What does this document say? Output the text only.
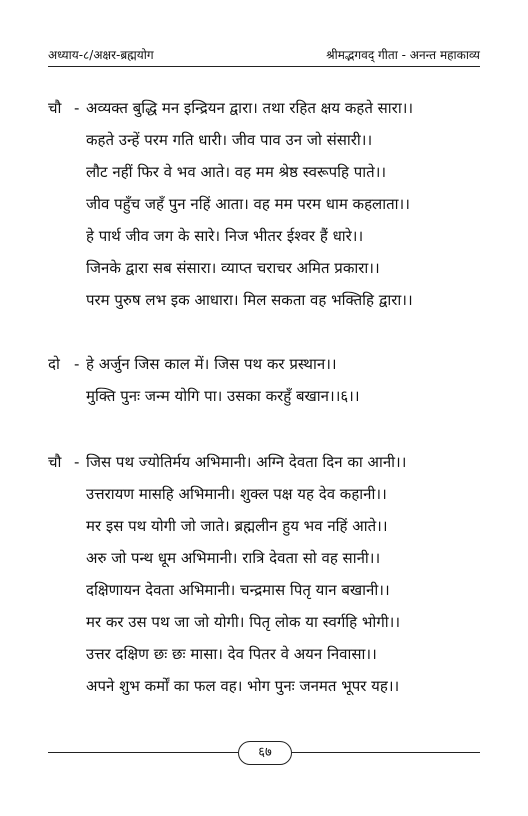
अध्याय-८/अक्षर-ब्रह्मयोग	श्रीमद्भगवद् गीता - अनन्त महाकाव्य
चौ - अव्यक्त बुद्धि मन इन्द्रियन द्वारा। तथा रहित क्षय कहते सारा।।
कहते उन्हें परम गति धारी। जीव पाव उन जो संसारी।।
लौट नहीं फिर वे भव आते। वह मम श्रेष्ठ स्वरूपहि पाते।।
जीव पहुँच जहँ पुन नहिं आता। वह मम परम धाम कहलाता।।
हे पार्थ जीव जग के सारे। निज भीतर ईश्वर हैं धारे।।
जिनके द्वारा सब संसारा। व्याप्त चराचर अमित प्रकारा।।
परम पुरुष लभ इक आधारा। मिल सकता वह भक्तिहि द्वारा।।
दो - हे अर्जुन जिस काल में। जिस पथ कर प्रस्थान।।
मुक्ति पुनः जन्म योगि पा। उसका करहुँ बखान।।६।।
चौ - जिस पथ ज्योतिर्मय अभिमानी। अग्नि देवता दिन का आनी।।
उत्तरायण मासहि अभिमानी। शुक्ल पक्ष यह देव कहानी।।
मर इस पथ योगी जो जाते। ब्रह्मलीन हुय भव नहिं आते।।
अरु जो पन्थ धूम अभिमानी। रात्रि देवता सो वह सानी।।
दक्षिणायन देवता अभिमानी। चन्द्रमास पितृ यान बखानी।।
मर कर उस पथ जा जो योगी। पितृ लोक या स्वर्गहि भोगी।।
उत्तर दक्षिण छः छः मासा। देव पितर वे अयन निवासा।।
अपने शुभ कर्मों का फल वह। भोग पुनः जनमत भूपर यह।।
६७
